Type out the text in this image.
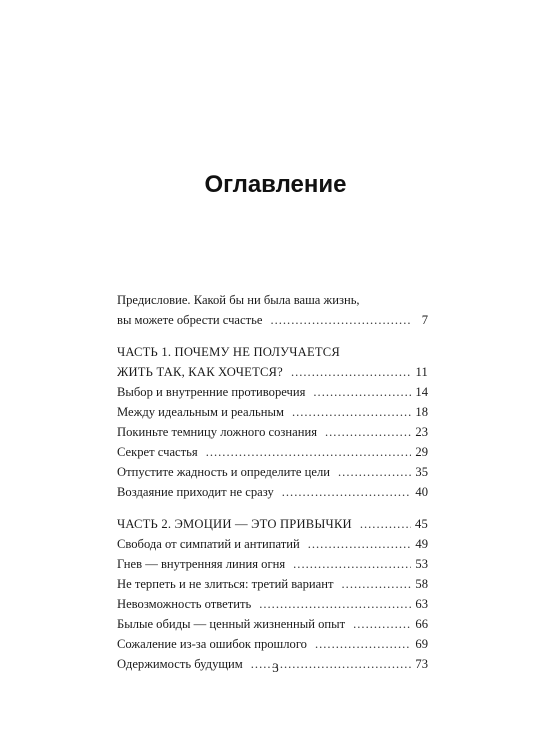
Оглавление
Предисловие. Какой бы ни была ваша жизнь,
вы можете обрести счастье .....	7
ЧАСТЬ 1. ПОЧЕМУ НЕ ПОЛУЧАЕТСЯ
ЖИТЬ ТАК, КАК ХОЧЕТСЯ? .....	11
Выбор и внутренние противоречия .....	14
Между идеальным и реальным .....	18
Покиньте темницу ложного сознания .....	23
Секрет счастья .....	29
Отпустите жадность и определите цели .....	35
Воздаяние приходит не сразу .....	40
ЧАСТЬ 2. ЭМОЦИИ — ЭТО ПРИВЫЧКИ .....	45
Свобода от симпатий и антипатий .....	49
Гнев — внутренняя линия огня .....	53
Не терпеть и не злиться: третий вариант .....	58
Невозможность ответить .....	63
Былые обиды — ценный жизненный опыт .....	66
Сожаление из-за ошибок прошлого .....	69
Одержимость будущим .....	73
3
